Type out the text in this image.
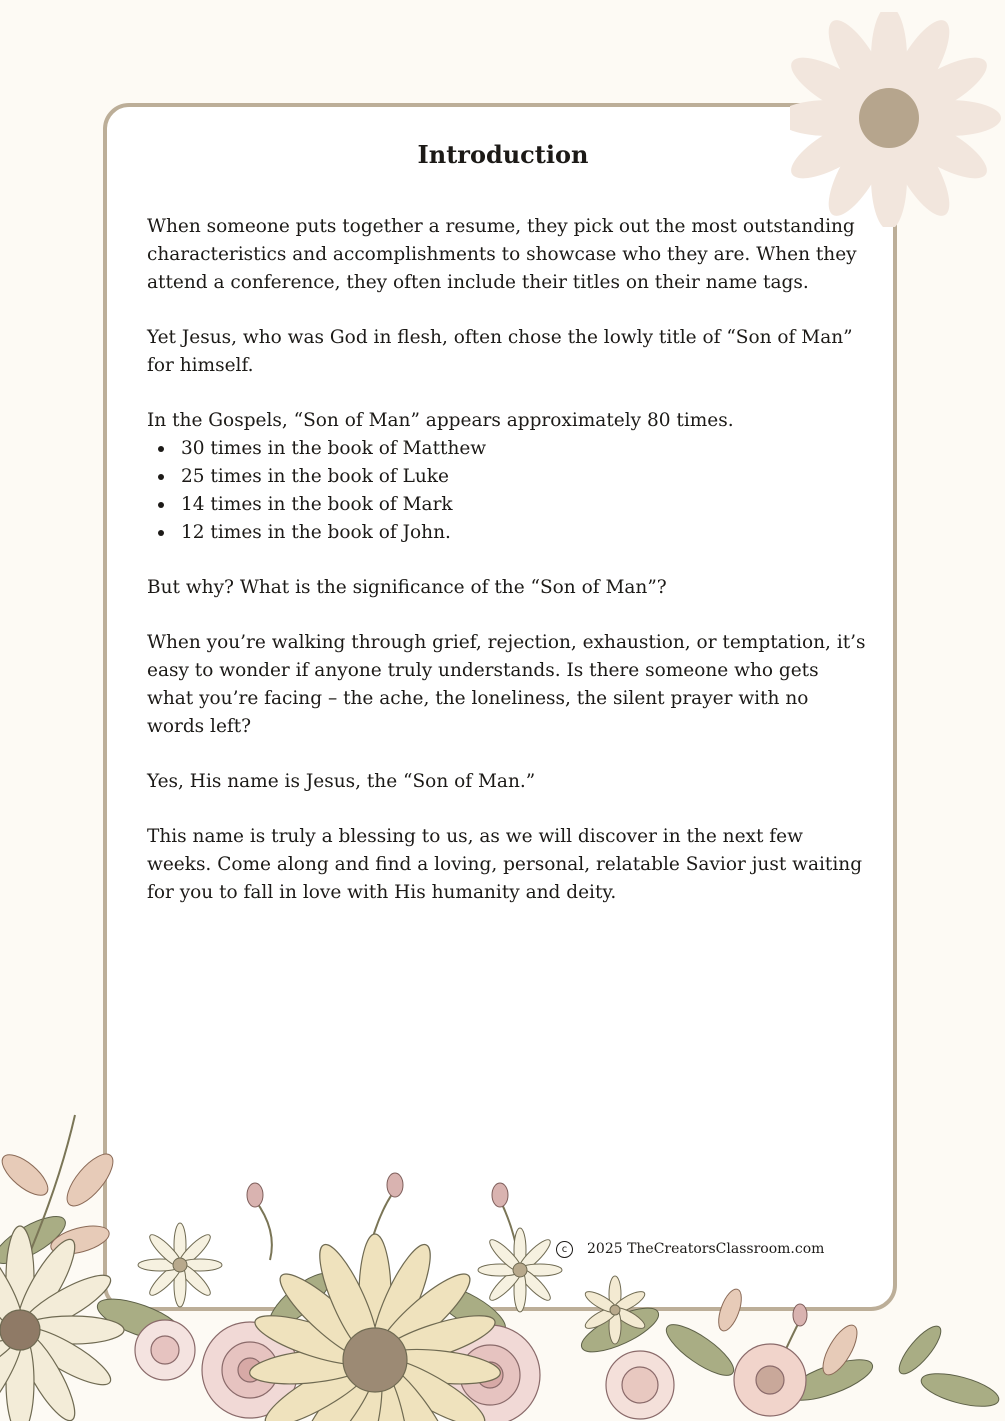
Introduction

When someone puts together a resume, they pick out the most outstanding characteristics and accomplishments to showcase who they are. When they attend a conference, they often include their titles on their name tags.

Yet Jesus, who was God in flesh, often chose the lowly title of “Son of Man” for himself.

In the Gospels, “Son of Man” appears approximately 80 times.

30 times in the book of Matthew
25 times in the book of Luke
14 times in the book of Mark
12 times in the book of John.

But why? What is the significance of the “Son of Man”?

When you’re walking through grief, rejection, exhaustion, or temptation, it’s easy to wonder if anyone truly understands. Is there someone who gets what you’re facing – the ache, the loneliness, the silent prayer with no words left?

Yes, His name is Jesus, the “Son of Man.”

This name is truly a blessing to us, as we will discover in the next few weeks. Come along and find a loving, personal, relatable Savior just waiting for you to fall in love with His humanity and deity.

c	2025 TheCreatorsClassroom.com
